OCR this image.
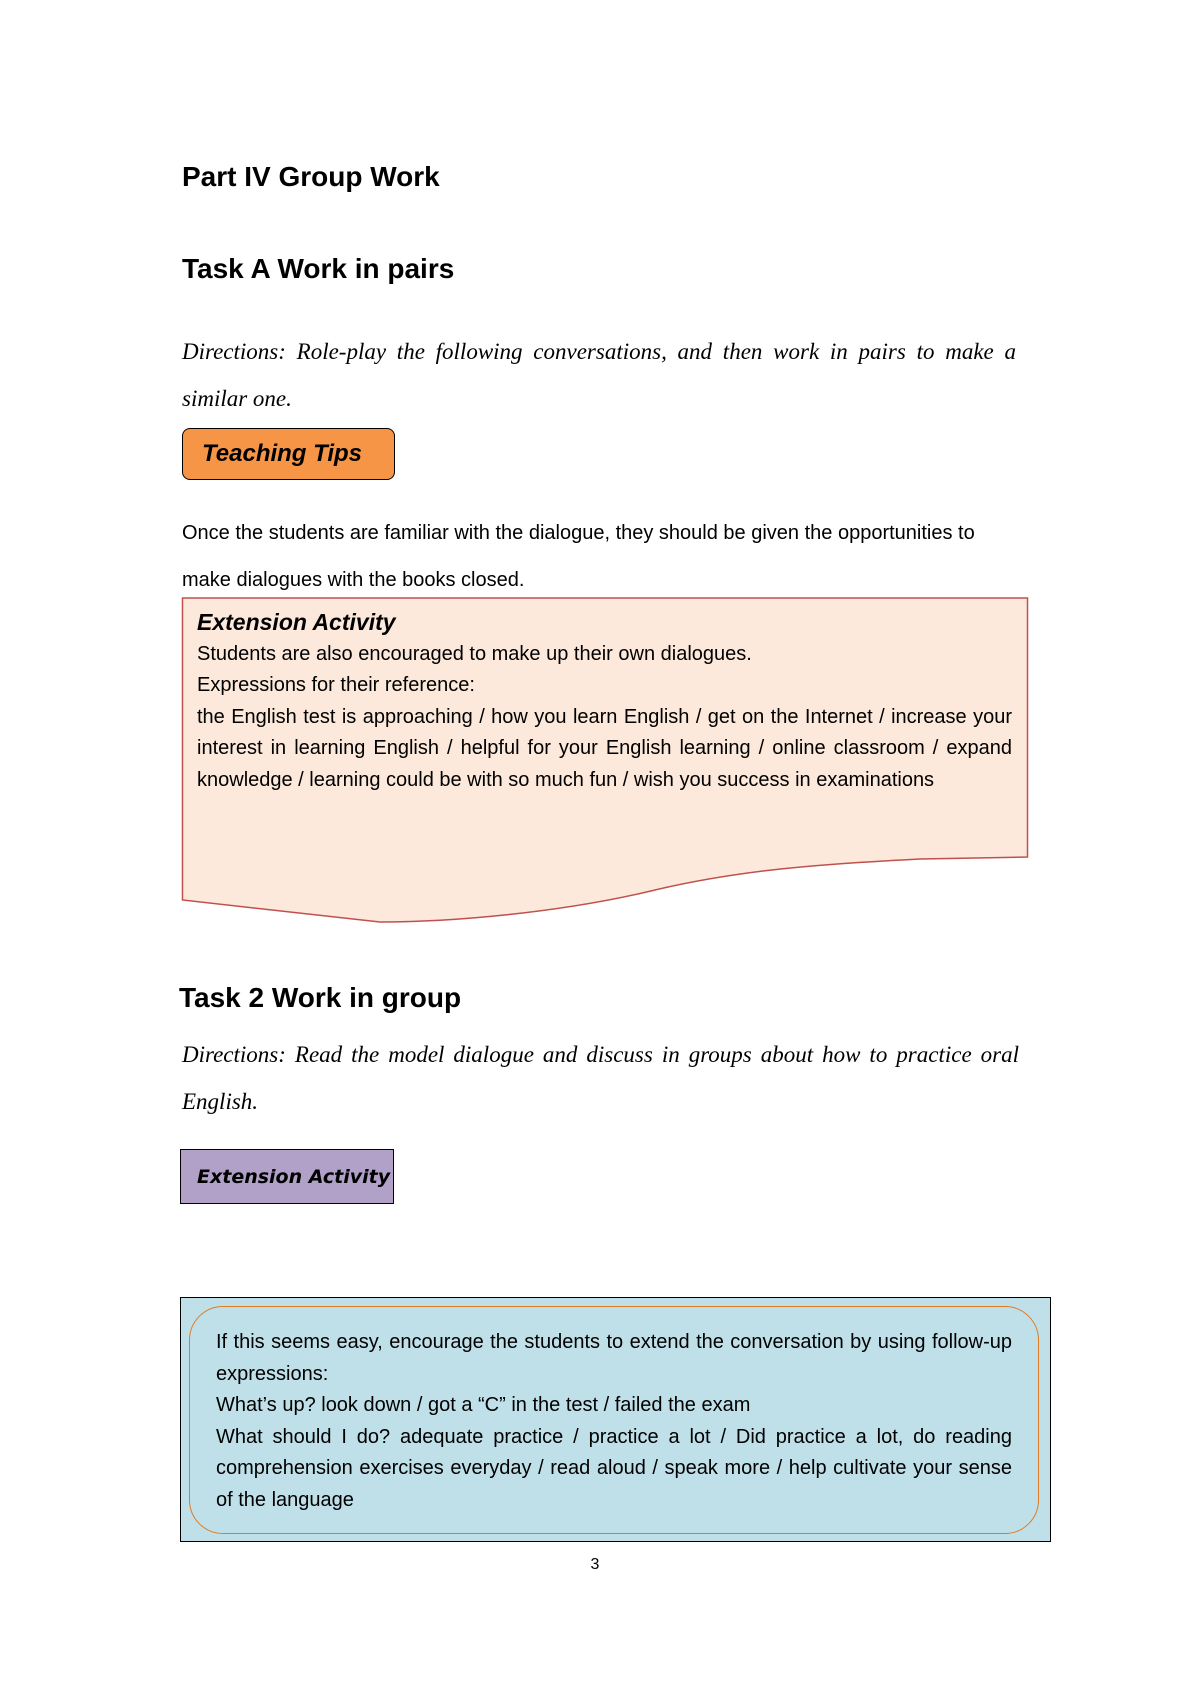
Part IV Group Work
Task A Work in pairs
Directions: Role-play the following conversations, and then work in pairs to make a similar one.
Teaching Tips
Once the students are familiar with the dialogue, they should be given the opportunities to make dialogues with the books closed.
Extension Activity
Students are also encouraged to make up their own dialogues.
Expressions for their reference:
the English test is approaching / how you learn English / get on the Internet / increase your interest in learning English / helpful for your English learning / online classroom / expand knowledge / learning could be with so much fun / wish you success in examinations
Task 2 Work in group
Directions: Read the model dialogue and discuss in groups about how to practice oral English.
Extension Activity
If this seems easy, encourage the students to extend the conversation by using follow-up expressions:
What’s up? look down / got a “C” in the test / failed the exam
What should I do? adequate practice / practice a lot / Did practice a lot, do reading comprehension exercises everyday / read aloud / speak more / help cultivate your sense of the language
3
